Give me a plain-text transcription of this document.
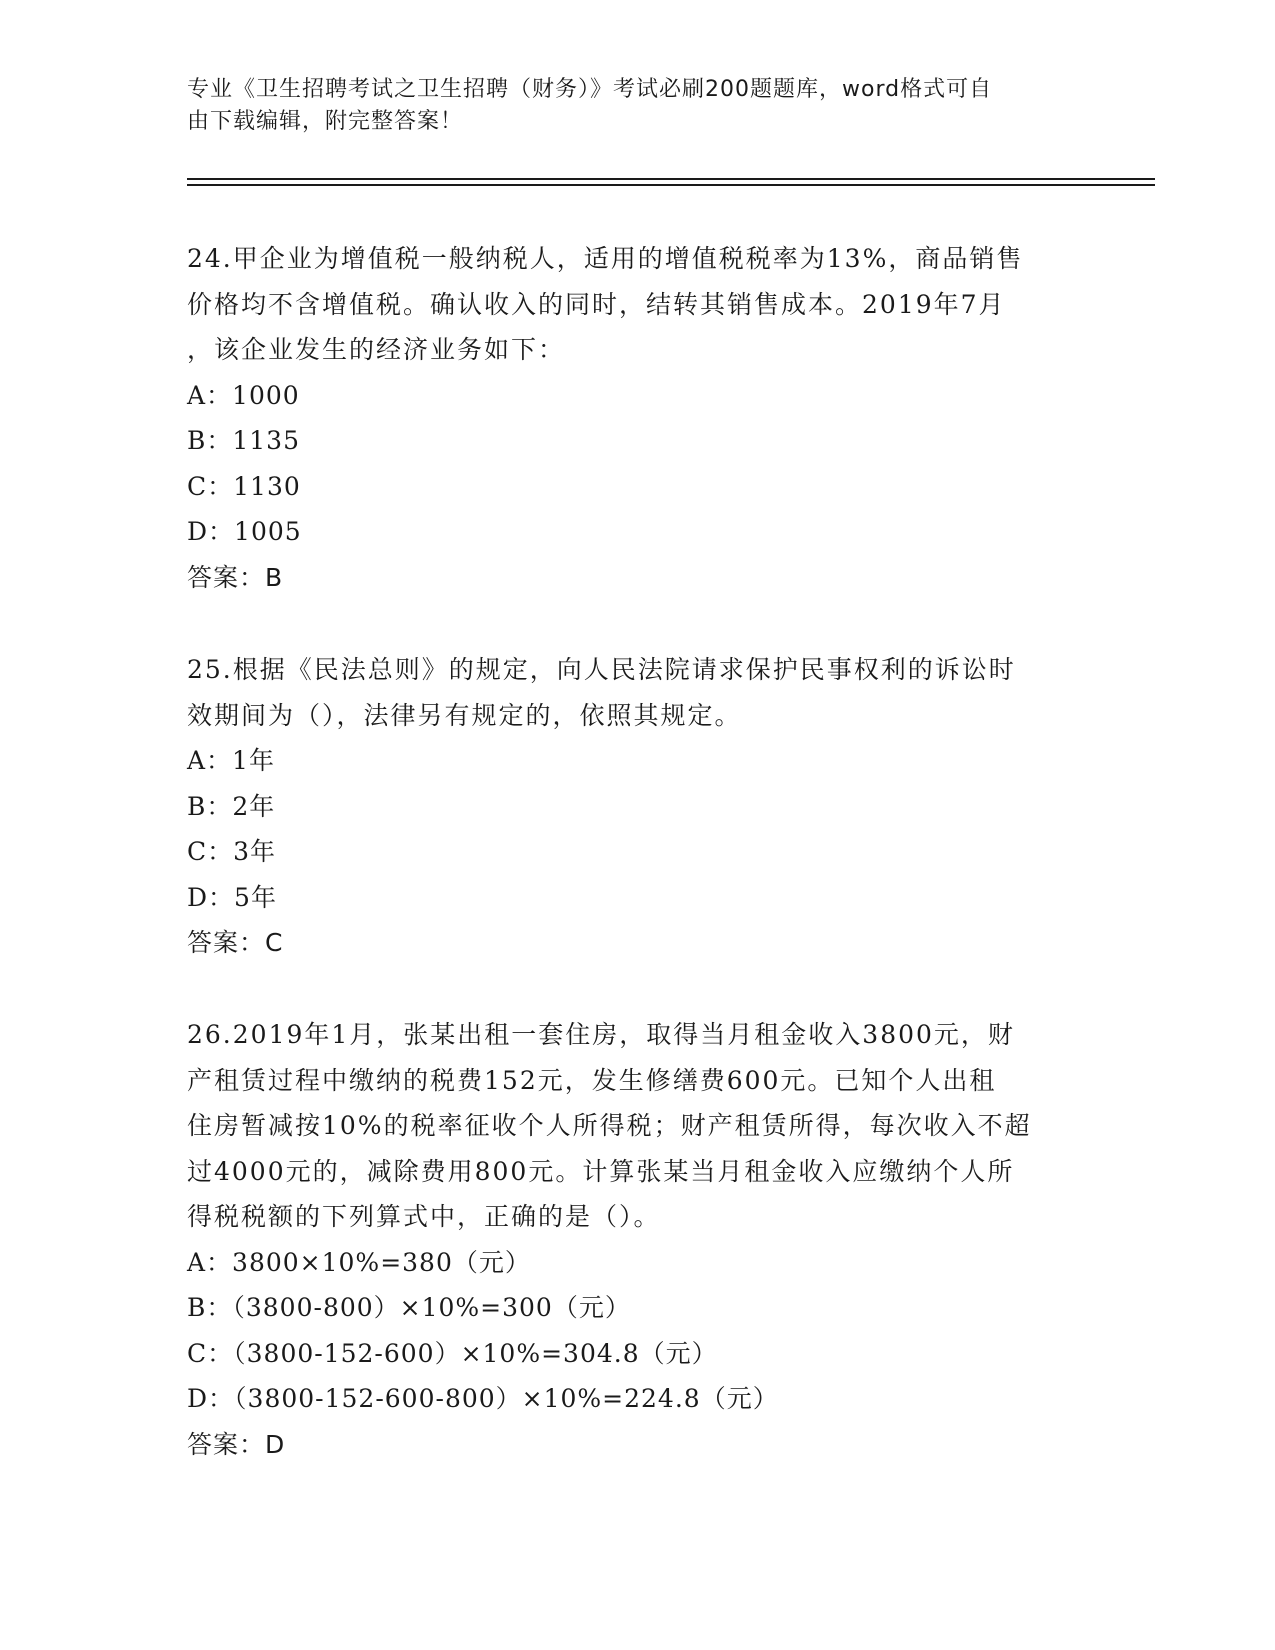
专业《卫生招聘考试之卫生招聘（财务）》考试必刷200题题库，word格式可自
由下载编辑，附完整答案！
24.甲企业为增值税一般纳税人，适用的增值税税率为13%，商品销售
价格均不含增值税。确认收入的同时，结转其销售成本。2019年7月
，该企业发生的经济业务如下：
A：1000
B：1135
C：1130
D：1005
答案：B
25.根据《民法总则》的规定，向人民法院请求保护民事权利的诉讼时
效期间为（），法律另有规定的，依照其规定。
A：1年
B：2年
C：3年
D：5年
答案：C
26.2019年1月，张某出租一套住房，取得当月租金收入3800元，财
产租赁过程中缴纳的税费152元，发生修缮费600元。已知个人出租
住房暂减按10%的税率征收个人所得税；财产租赁所得，每次收入不超
过4000元的，减除费用800元。计算张某当月租金收入应缴纳个人所
得税税额的下列算式中，正确的是（）。
A：3800×10%=380（元）
B：（3800-800）×10%=300（元）
C：（3800-152-600）×10%=304.8（元）
D：（3800-152-600-800）×10%=224.8（元）
答案：D
